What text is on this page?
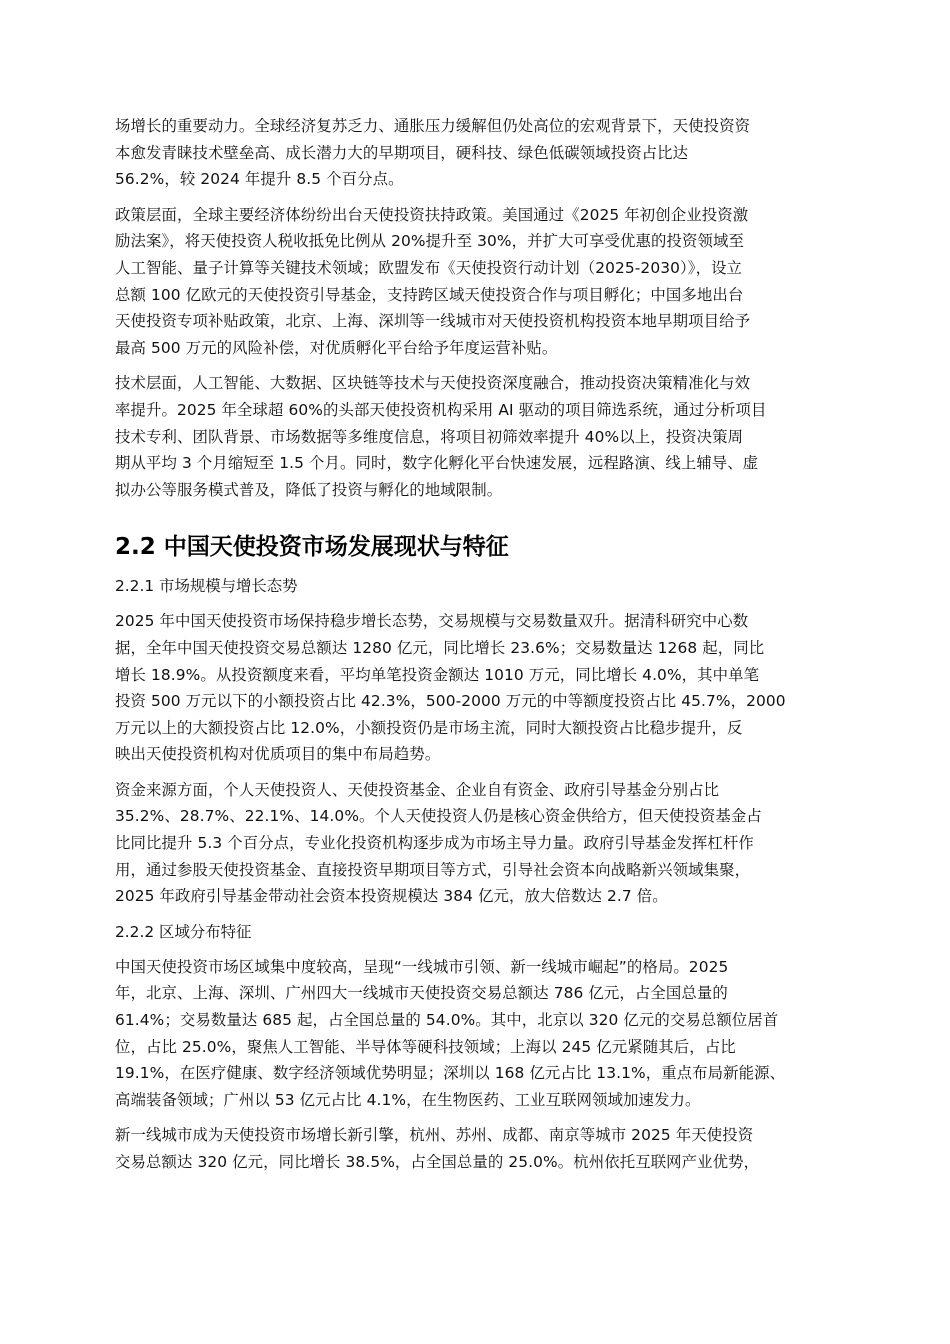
场增长的重要动力。全球经济复苏乏力、通胀压力缓解但仍处高位的宏观背景下，天使投资资
本愈发青睐技术壁垒高、成长潜力大的早期项目，硬科技、绿色低碳领域投资占比达
56.2%，较 2024 年提升 8.5 个百分点。
政策层面，全球主要经济体纷纷出台天使投资扶持政策。美国通过《2025 年初创企业投资激
励法案》，将天使投资人税收抵免比例从 20%提升至 30%，并扩大可享受优惠的投资领域至
人工智能、量子计算等关键技术领域；欧盟发布《天使投资行动计划（2025-2030）》，设立
总额 100 亿欧元的天使投资引导基金，支持跨区域天使投资合作与项目孵化；中国多地出台
天使投资专项补贴政策，北京、上海、深圳等一线城市对天使投资机构投资本地早期项目给予
最高 500 万元的风险补偿，对优质孵化平台给予年度运营补贴。
技术层面，人工智能、大数据、区块链等技术与天使投资深度融合，推动投资决策精准化与效
率提升。2025 年全球超 60%的头部天使投资机构采用 AI 驱动的项目筛选系统，通过分析项目
技术专利、团队背景、市场数据等多维度信息，将项目初筛效率提升 40%以上，投资决策周
期从平均 3 个月缩短至 1.5 个月。同时，数字化孵化平台快速发展，远程路演、线上辅导、虚
拟办公等服务模式普及，降低了投资与孵化的地域限制。
2.2 中国天使投资市场发展现状与特征
2.2.1 市场规模与增长态势
2025 年中国天使投资市场保持稳步增长态势，交易规模与交易数量双升。据清科研究中心数
据，全年中国天使投资交易总额达 1280 亿元，同比增长 23.6%；交易数量达 1268 起，同比
增长 18.9%。从投资额度来看，平均单笔投资金额达 1010 万元，同比增长 4.0%，其中单笔
投资 500 万元以下的小额投资占比 42.3%，500-2000 万元的中等额度投资占比 45.7%，2000
万元以上的大额投资占比 12.0%，小额投资仍是市场主流，同时大额投资占比稳步提升，反
映出天使投资机构对优质项目的集中布局趋势。
资金来源方面，个人天使投资人、天使投资基金、企业自有资金、政府引导基金分别占比
35.2%、28.7%、22.1%、14.0%。个人天使投资人仍是核心资金供给方，但天使投资基金占
比同比提升 5.3 个百分点，专业化投资机构逐步成为市场主导力量。政府引导基金发挥杠杆作
用，通过参股天使投资基金、直接投资早期项目等方式，引导社会资本向战略新兴领域集聚，
2025 年政府引导基金带动社会资本投资规模达 384 亿元，放大倍数达 2.7 倍。
2.2.2 区域分布特征
中国天使投资市场区域集中度较高，呈现“一线城市引领、新一线城市崛起”的格局。2025
年，北京、上海、深圳、广州四大一线城市天使投资交易总额达 786 亿元，占全国总量的
61.4%；交易数量达 685 起，占全国总量的 54.0%。其中，北京以 320 亿元的交易总额位居首
位，占比 25.0%，聚焦人工智能、半导体等硬科技领域；上海以 245 亿元紧随其后，占比
19.1%，在医疗健康、数字经济领域优势明显；深圳以 168 亿元占比 13.1%，重点布局新能源、
高端装备领域；广州以 53 亿元占比 4.1%，在生物医药、工业互联网领域加速发力。
新一线城市成为天使投资市场增长新引擎，杭州、苏州、成都、南京等城市 2025 年天使投资
交易总额达 320 亿元，同比增长 38.5%，占全国总量的 25.0%。杭州依托互联网产业优势，
